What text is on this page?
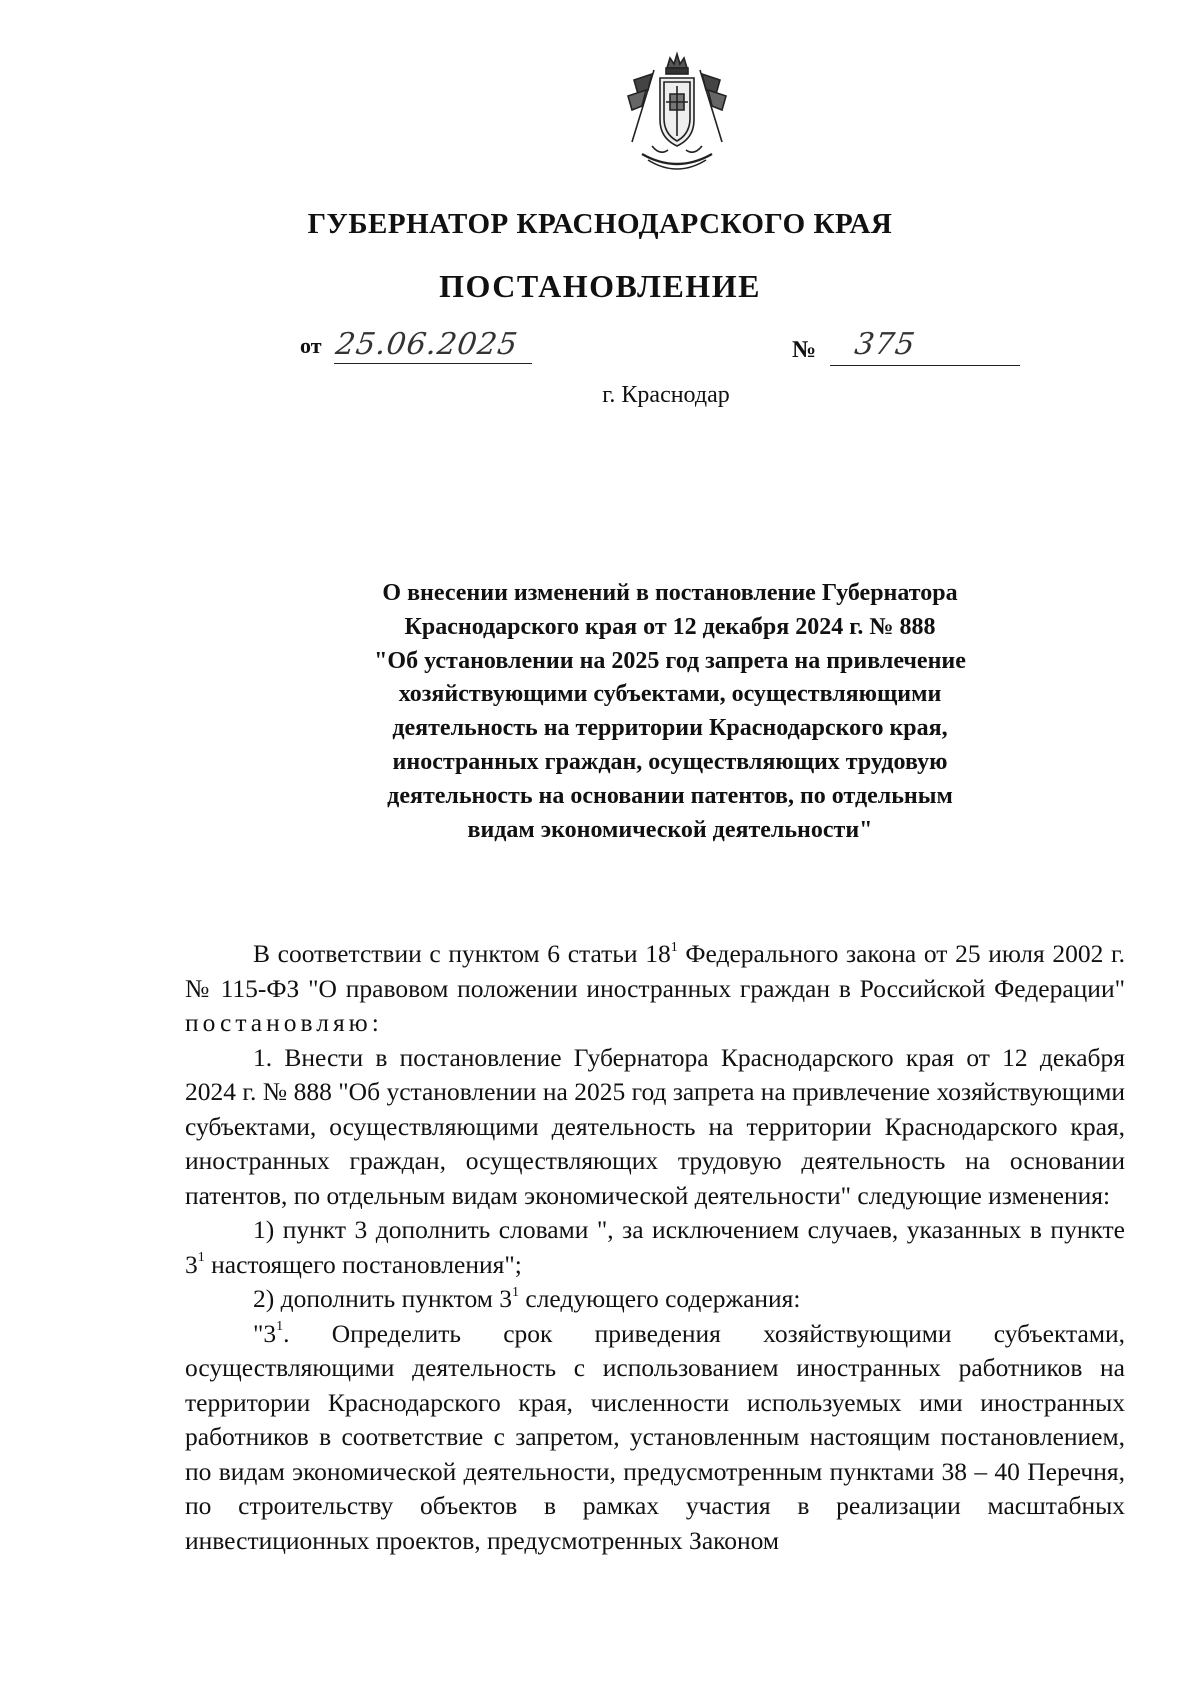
ГУБЕРНАТОР КРАСНОДАРСКОГО КРАЯ
ПОСТАНОВЛЕНИЕ
от 25.06.2025	№ 375
г. Краснодар
О внесении изменений в постановление Губернатора
Краснодарского края от 12 декабря 2024 г. № 888
"Об установлении на 2025 год запрета на привлечение
хозяйствующими субъектами, осуществляющими
деятельность на территории Краснодарского края,
иностранных граждан, осуществляющих трудовую
деятельность на основании патентов, по отдельным
видам экономической деятельности"

В соответствии с пунктом 6 статьи $18^1$ Федерального закона от 25 июля 2002 г. № 115-ФЗ "О правовом положении иностранных граждан в Российской Федерации" постановляю:

1. Внести в постановление Губернатора Краснодарского края от 12 декабря 2024 г. № 888 "Об установлении на 2025 год запрета на привлечение хозяйствующими субъектами, осуществляющими деятельность на территории Краснодарского края, иностранных граждан, осуществляющих трудовую деятельность на основании патентов, по отдельным видам экономической деятельности" следующие изменения:

1) пункт 3 дополнить словами ", за исключением случаев, указанных в пункте $3^1$ настоящего постановления";

2) дополнить пунктом $3^1$ следующего содержания:

"$3^1$. Определить срок приведения хозяйствующими субъектами, осуществляющими деятельность с использованием иностранных работников на территории Краснодарского края, численности используемых ими иностранных работников в соответствие с запретом, установленным настоящим постановлением, по видам экономической деятельности, предусмотренным пунктами 38 – 40 Перечня, по строительству объектов в рамках участия в реализации масштабных инвестиционных проектов, предусмотренных Законом
